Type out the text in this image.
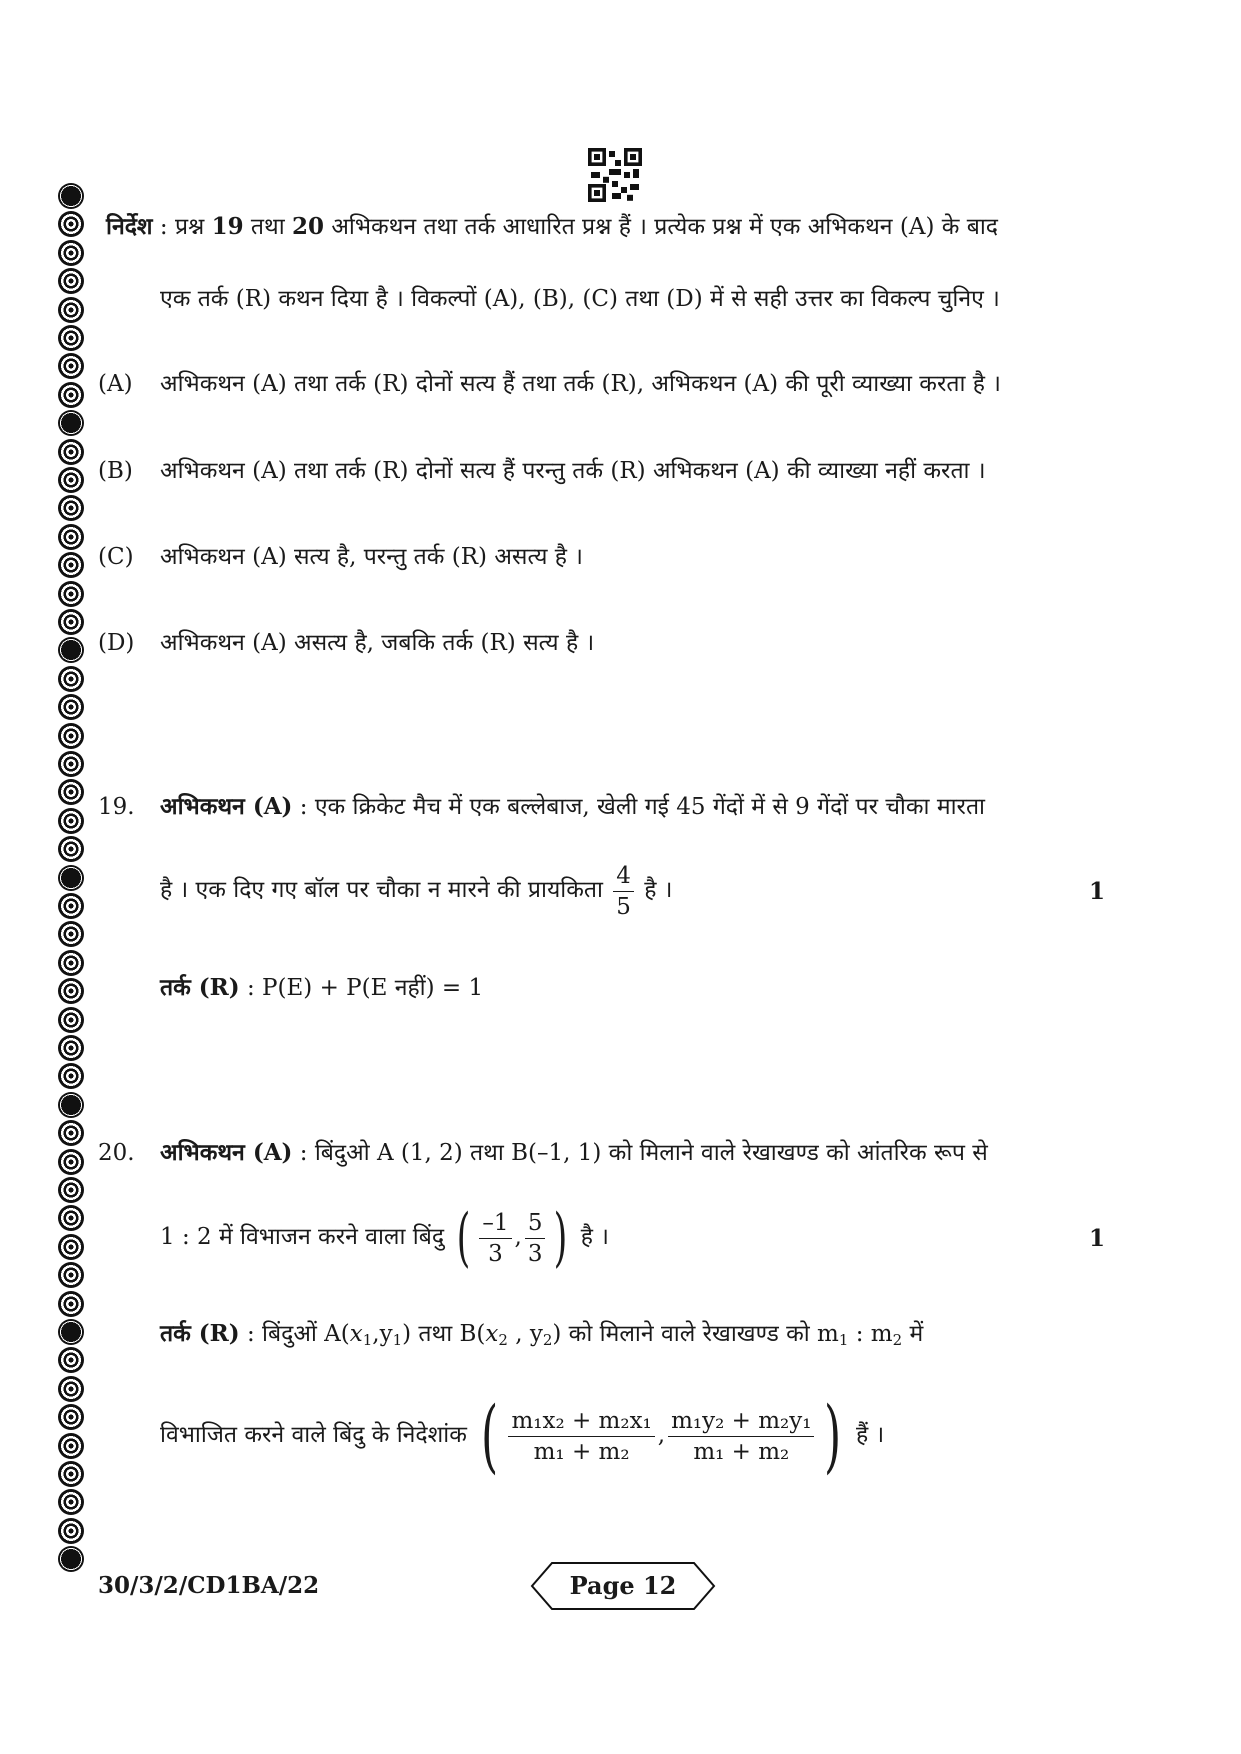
निर्देश : प्रश्न 19 तथा 20 अभिकथन तथा तर्क आधारित प्रश्न हैं । प्रत्येक प्रश्न में एक अभिकथन (A) के बाद
एक तर्क (R) कथन दिया है । विकल्पों (A), (B), (C) तथा (D) में से सही उत्तर का विकल्प चुनिए ।
(A) अभिकथन (A) तथा तर्क (R) दोनों सत्य हैं तथा तर्क (R), अभिकथन (A) की पूरी व्याख्या करता है ।
(B) अभिकथन (A) तथा तर्क (R) दोनों सत्य हैं परन्तु तर्क (R) अभिकथन (A) की व्याख्या नहीं करता ।
(C) अभिकथन (A) सत्य है, परन्तु तर्क (R) असत्य है ।
(D) अभिकथन (A) असत्य है, जबकि तर्क (R) सत्य है ।
19. अभिकथन (A) : एक क्रिकेट मैच में एक बल्लेबाज, खेली गई 45 गेंदों में से 9 गेंदों पर चौका मारता
है । एक दिए गए बॉल पर चौका न मारने की प्रायकिता $\frac{4}{5}$ है ।	1
तर्क (R) : P(E) + P(E नहीं) = 1
20. अभिकथन (A) : बिंदुओ A (1, 2) तथा B(–1, 1) को मिलाने वाले रेखाखण्ड को आंतरिक रूप से
1 : 2 में विभाजन करने वाला बिंदु ( $\frac{-1}{3}$ , $\frac{5}{3}$ ) है ।	1
तर्क (R) : बिंदुओं $A(x_1,y_1)$ तथा $B(x_2$ , $y_2$) को मिलाने वाले रेखाखण्ड को $m_1$ : $m_2$ में
विभाजित करने वाले बिंदु के निदेशांक ( $\frac{\text{m₁x₂ + m₂x₁}}{\text{m₁ + m₂}}$ , $\frac{\text{m₁y₂ + m₂y₁}}{\text{m₁ + m₂}}$ ) हैं ।
30/3/2/CD1BA/22	Page 12
